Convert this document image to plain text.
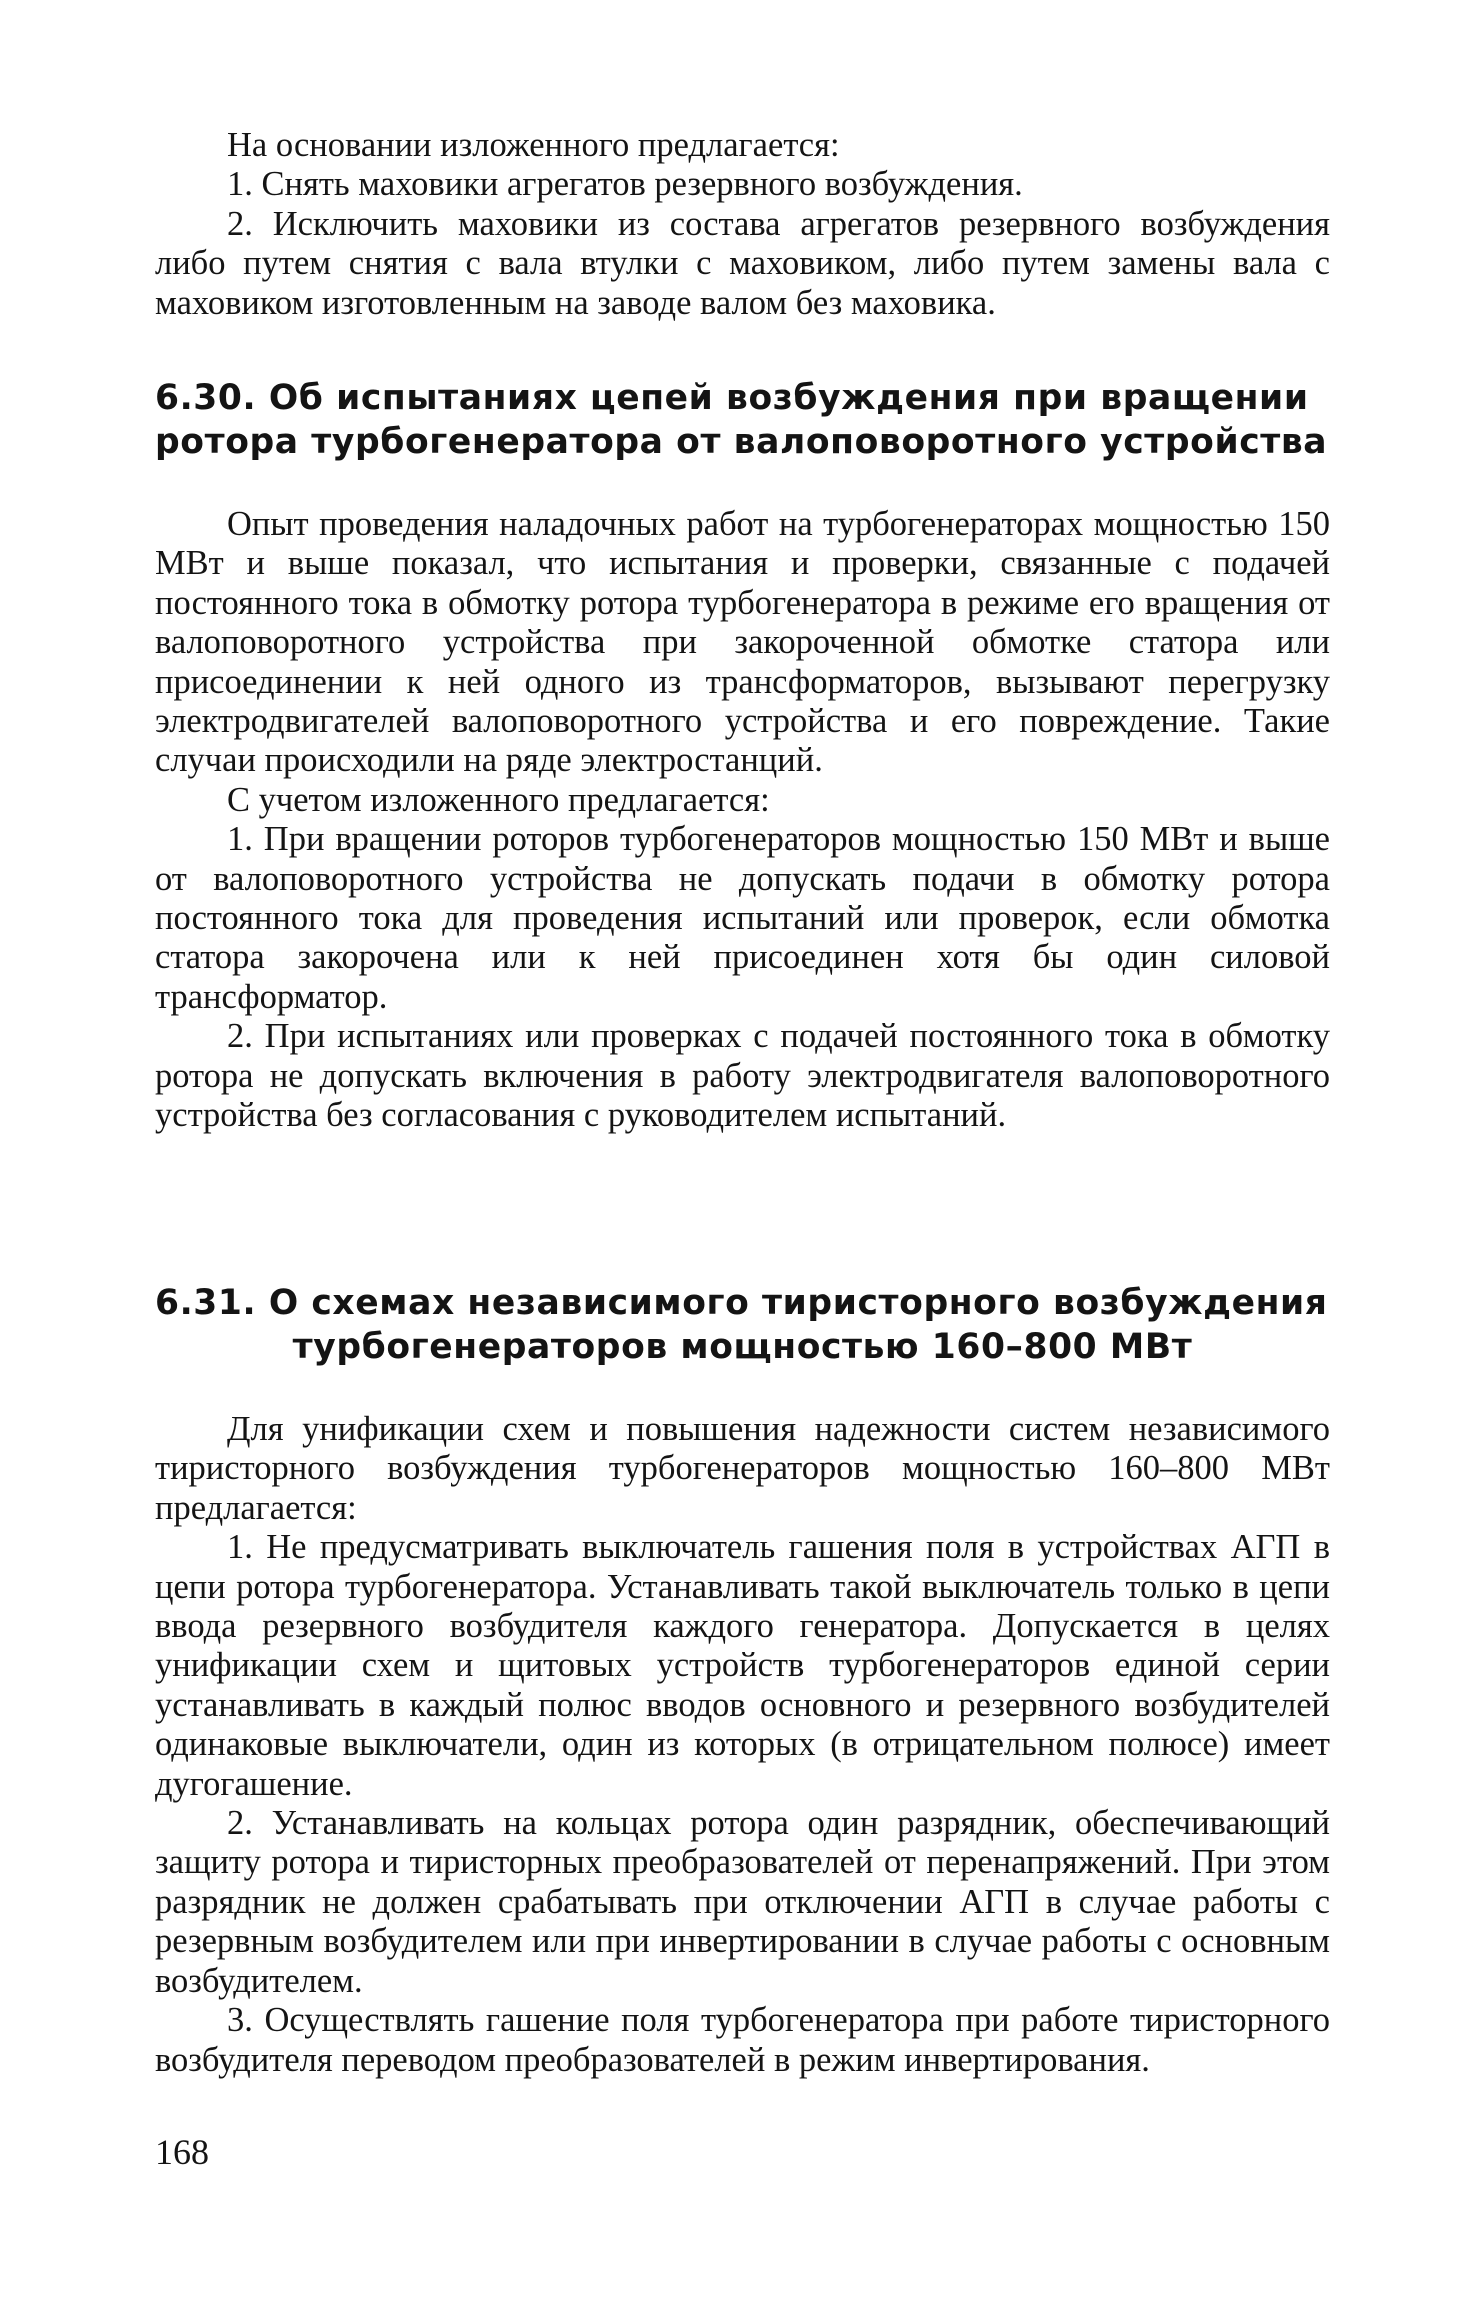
На основании изложенного предлагается:

1. Снять маховики агрегатов резервного возбуждения.

2. Исключить маховики из состава агрегатов резервного возбуждения либо путем снятия с вала втулки с маховиком, либо путем замены вала с маховиком изготовленным на заводе валом без маховика.

6.30. Об испытаниях цепей возбуждения при вращении
ротора турбогенератора от валоповоротного устройства

Опыт проведения наладочных работ на турбогенераторах мощностью 150 МВт и выше показал, что испытания и проверки, связанные с подачей постоянного тока в обмотку ротора турбогенератора в режиме его вращения от валоповоротного устройства при закороченной обмотке статора или присоединении к ней одного из трансформаторов, вызывают перегрузку электродвигателей валоповоротного устройства и его повреждение. Такие случаи происходили на ряде электростанций.

С учетом изложенного предлагается:

1. При вращении роторов турбогенераторов мощностью 150 МВт и выше от валоповоротного устройства не допускать подачи в обмотку ротора постоянного тока для проведения испытаний или проверок, если обмотка статора закорочена или к ней присоединен хотя бы один силовой трансформатор.

2. При испытаниях или проверках с подачей постоянного тока в обмотку ротора не допускать включения в работу электродвигателя валоповоротного устройства без согласования с руководителем испытаний.

6.31. О схемах независимого тиристорного возбуждения
турбогенераторов мощностью 160–800 МВт

Для унификации схем и повышения надежности систем независимого тиристорного возбуждения турбогенераторов мощностью 160–800 МВт предлагается:

1. Не предусматривать выключатель гашения поля в устройствах АГП в цепи ротора турбогенератора. Устанавливать такой выключатель только в цепи ввода резервного возбудителя каждого генератора. Допускается в целях унификации схем и щитовых устройств турбогенераторов единой серии устанавливать в каждый полюс вводов основного и резервного возбудителей одинаковые выключатели, один из которых (в отрицательном полюсе) имеет дугогашение.

2. Устанавливать на кольцах ротора один разрядник, обеспечивающий защиту ротора и тиристорных преобразователей от перенапряжений. При этом разрядник не должен срабатывать при отключении АГП в случае работы с резервным возбудителем или при инвертировании в случае работы с основным возбудителем.

3. Осуществлять гашение поля турбогенератора при работе тиристорного возбудителя переводом преобразователей в режим инвертирования.

168
